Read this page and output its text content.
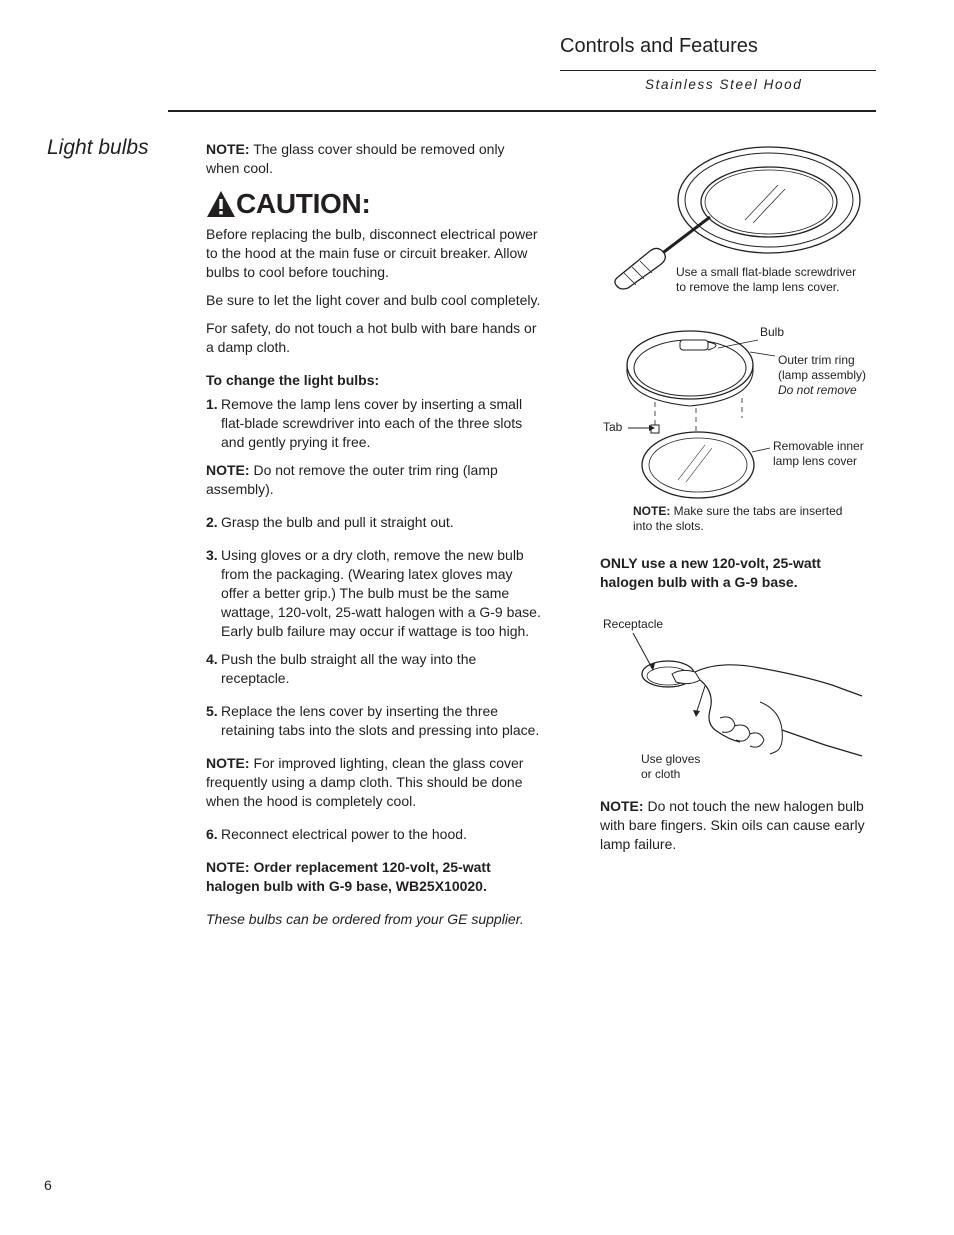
Controls and Features
Stainless Steel Hood
Light bulbs	NOTE: The glass cover should be removed only when cool.

CAUTION:

Before replacing the bulb, disconnect electrical power to the hood at the main fuse or circuit breaker. Allow bulbs to cool before touching.

Be sure to let the light cover and bulb cool completely.

For safety, do not touch a hot bulb with bare hands or a damp cloth.

To change the light bulbs:

1. Remove the lamp lens cover by inserting a small flat-blade screwdriver into each of the three slots and gently prying it free.

NOTE: Do not remove the outer trim ring (lamp assembly).

2. Grasp the bulb and pull it straight out.
3. Using gloves or a dry cloth, remove the new bulb from the packaging. (Wearing latex gloves may offer a better grip.) The bulb must be the same wattage, 120-volt, 25-watt halogen with a G-9 base. Early bulb failure may occur if wattage is too high.
4. Push the bulb straight all the way into the receptacle.
5. Replace the lens cover by inserting the three retaining tabs into the slots and pressing into place.

NOTE: For improved lighting, clean the glass cover frequently using a damp cloth. This should be done when the hood is completely cool.

6. Reconnect electrical power to the hood.

NOTE: Order replacement 120-volt, 25-watt halogen bulb with G-9 base, WB25X10020.

These bulbs can be ordered from your GE supplier.

Use a small flat-blade screwdriver to remove the lamp lens cover.
Bulb
Outer trim ring
(lamp assembly)
Do not remove
Tab
Removable inner lamp lens cover
NOTE: Make sure the tabs are inserted into the slots.
ONLY use a new 120-volt, 25-watt halogen bulb with a G-9 base.
Receptacle
Use gloves or cloth
NOTE: Do not touch the new halogen bulb with bare fingers. Skin oils can cause early lamp failure.
6
